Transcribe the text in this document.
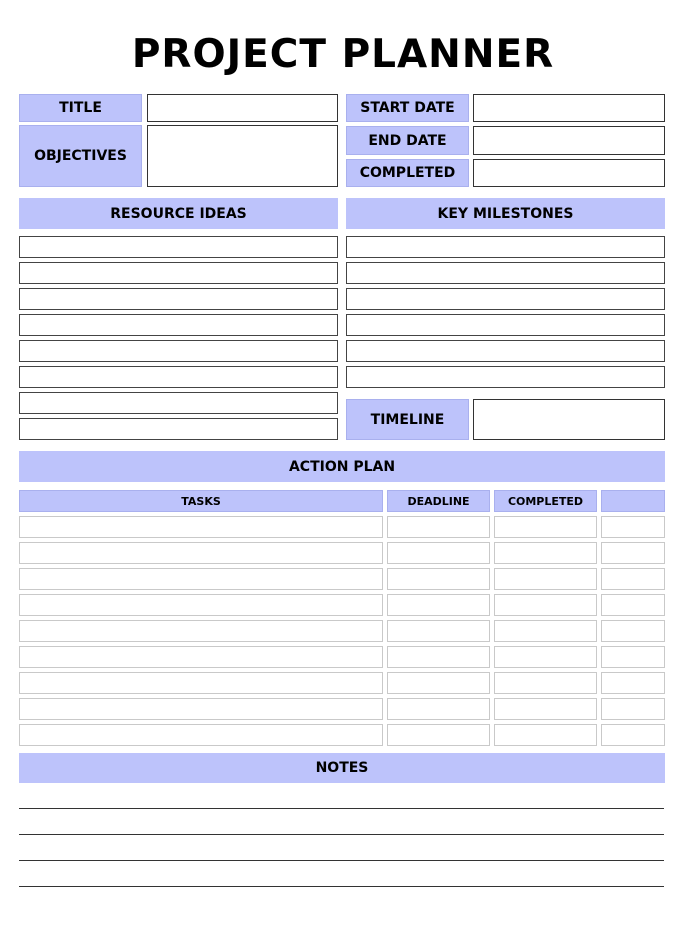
PROJECT PLANNER
TITLE
OBJECTIVES
START DATE
END DATE
COMPLETED
RESOURCE IDEAS	KEY MILESTONES
TIMELINE
ACTION PLAN
TASKS	DEADLINE	COMPLETED
NOTES
